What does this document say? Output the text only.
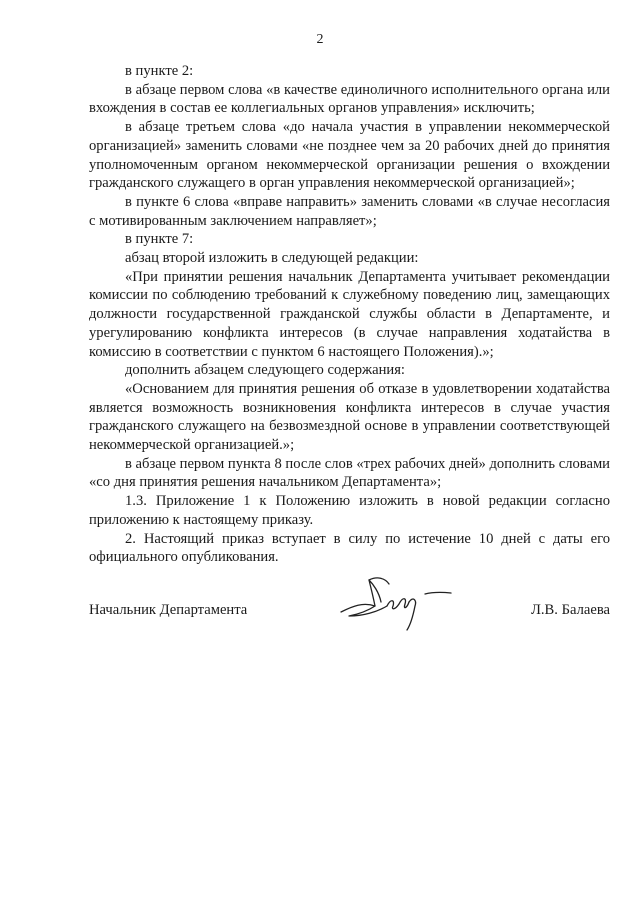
2

в пункте 2:

в абзаце первом слова «в качестве единоличного исполнительного органа или вхождения в состав ее коллегиальных органов управления» исключить;

в абзаце третьем слова «до начала участия в управлении некоммерческой организацией» заменить словами «не позднее чем за 20 рабочих дней до принятия уполномоченным органом некоммерческой организации решения о вхождении гражданского служащего в орган управления некоммерческой организацией»;

в пункте 6 слова «вправе направить» заменить словами «в случае несогласия с мотивированным заключением направляет»;

в пункте 7:

абзац второй изложить в следующей редакции:

«При принятии решения начальник Департамента учитывает рекомендации комиссии по соблюдению требований к служебному поведению лиц, замещающих должности государственной гражданской службы области в Департаменте, и урегулированию конфликта интересов (в случае направления ходатайства в комиссию в соответствии с пунктом 6 настоящего Положения).»;

дополнить абзацем следующего содержания:

«Основанием для принятия решения об отказе в удовлетворении ходатайства является возможность возникновения конфликта интересов в случае участия гражданского служащего на безвозмездной основе в управлении соответствующей некоммерческой организацией.»;

в абзаце первом пункта 8 после слов «трех рабочих дней» дополнить словами «со дня принятия решения начальником Департамента»;

1.3. Приложение 1 к Положению изложить в новой редакции согласно приложению к настоящему приказу.

2. Настоящий приказ вступает в силу по истечение 10 дней с даты его официального опубликования.

Начальник Департамента	Л.В. Балаева
